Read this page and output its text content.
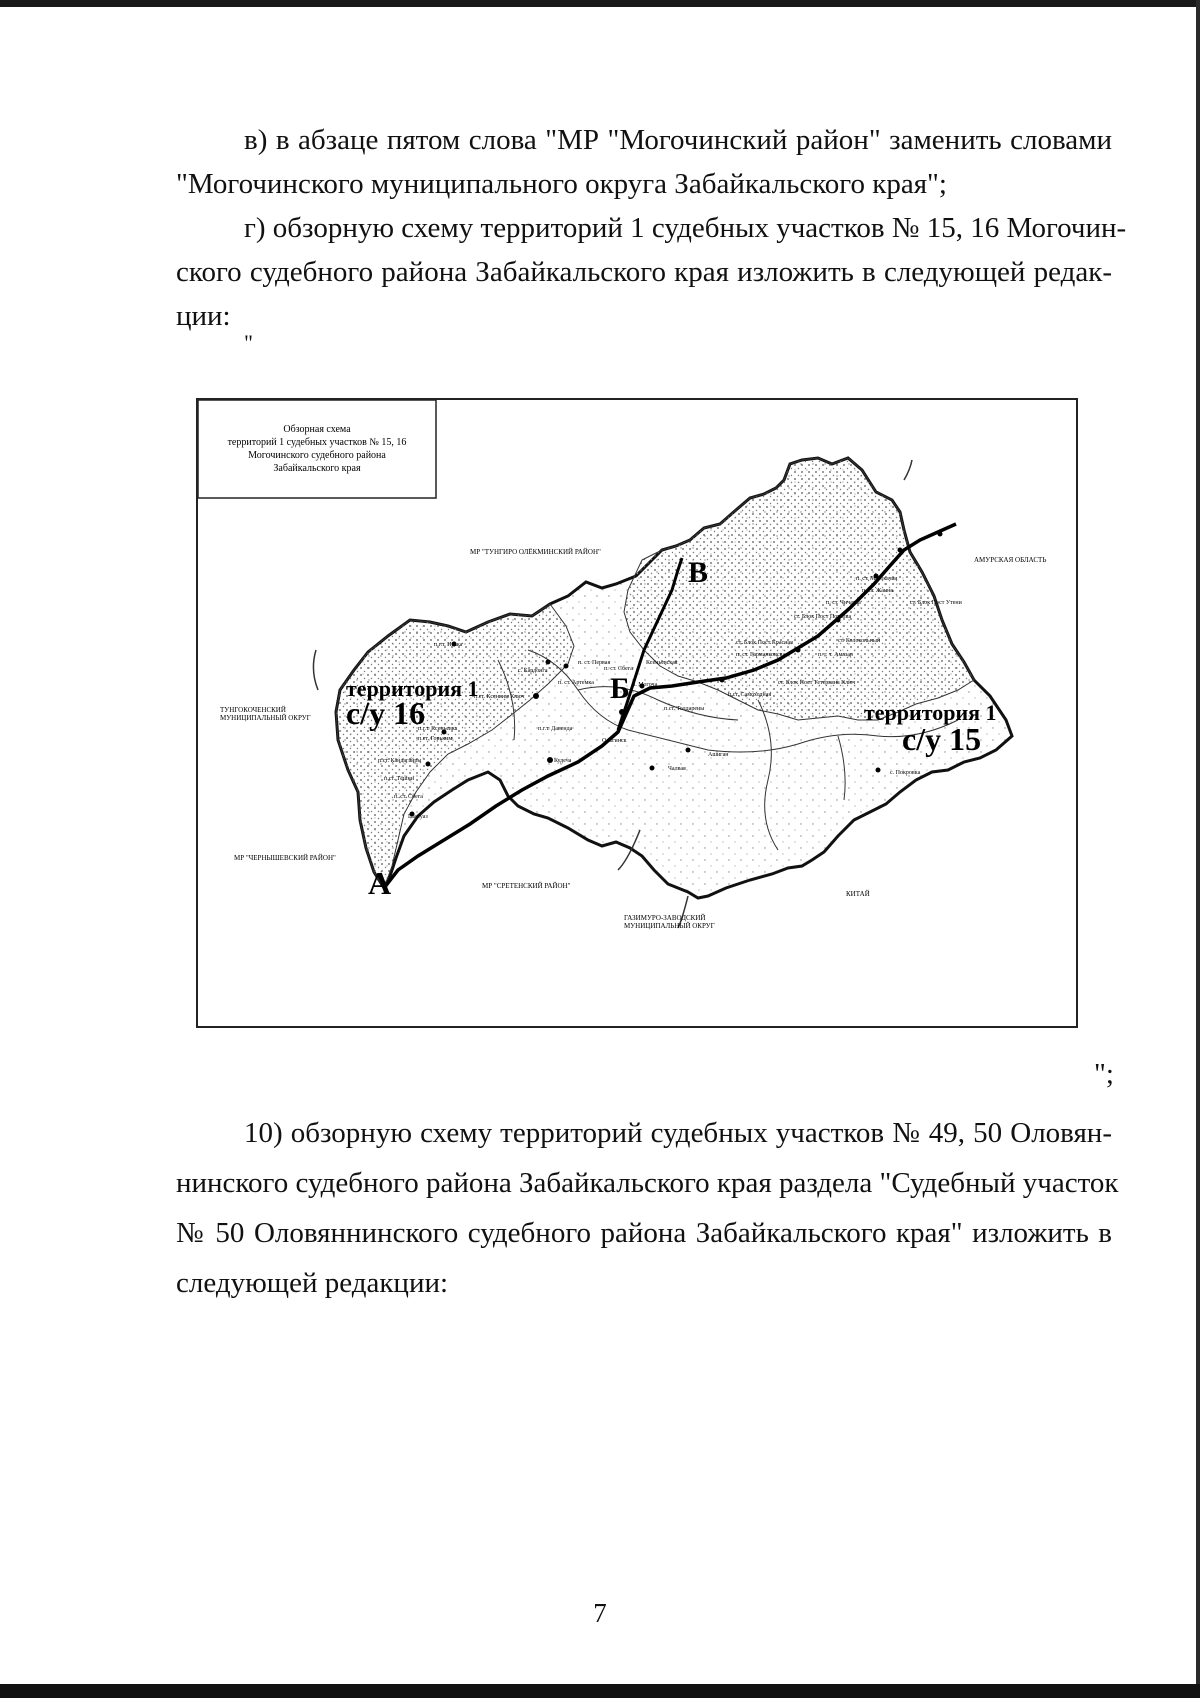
в) в абзаце пятом слова "МР "Могочинский район" заменить словами
"Могочинского муниципального округа Забайкальского края";
г) обзорную схему территорий 1 судебных участков № 15, 16 Могочин-
ского судебного района Забайкальского края изложить в следующей редак-
ции:
"
Обзорная схема
территорий 1 судебных участков № 15, 16
Могочинского судебного района
Забайкальского края
территория 1
с/у 16	территория 1
с/у 15
А
Б
В
МР "ТУНГИРО ОЛЁКМИНСКИЙ РАЙОН"
АМУРСКАЯ ОБЛАСТЬ
ТУНГОКОЧЕНСКИЙ
МУНИЦИПАЛЬНЫЙ ОКРУГ
МР "ЧЕРНЫШЕВСКИЙ РАЙОН"
МР "СРЕТЕНСКИЙ РАЙОН"
ГАЗИМУРО-ЗАВОДСКИЙ
МУНИЦИПАЛЬНЫЙ ОКРУГ
КИТАЙ
п. ст. Магокачаи
п. ст. Жанна
п. ст. Чичатка	ст. Блок Пост Утени
ст. Блок Пост Потапка
ст. Блок Пост Красная	ст. Колокольный
п. ст. Гарманковская	п. г. т. Амазар
ст. Блок Пост Тетерьяна Ключ
п.г.т. Итака
п. ст. Первая
с. Кардонга
п. ст. Артемка
Ксеньевская
п.ст. Ксеньим Ключ
п. ст. Сбега
п. Могоча
п.ст. Самоходная
п.ст. Толдарены
п.г.т. Ксеньевка
п.ст. Горьким
п.г.т. Давенда
п.ст. Кандагайры
п.ст. Тёшни
Кудеча
Ольгинск
Чалвая
Ашиган
п. ст. Сбега
Шалуаз
с. Покровка
";
10) обзорную схему территорий судебных участков № 49, 50 Оловян-
нинского судебного района Забайкальского края раздела "Судебный участок
№ 50 Оловяннинского судебного района Забайкальского края" изложить в
следующей редакции:
7
